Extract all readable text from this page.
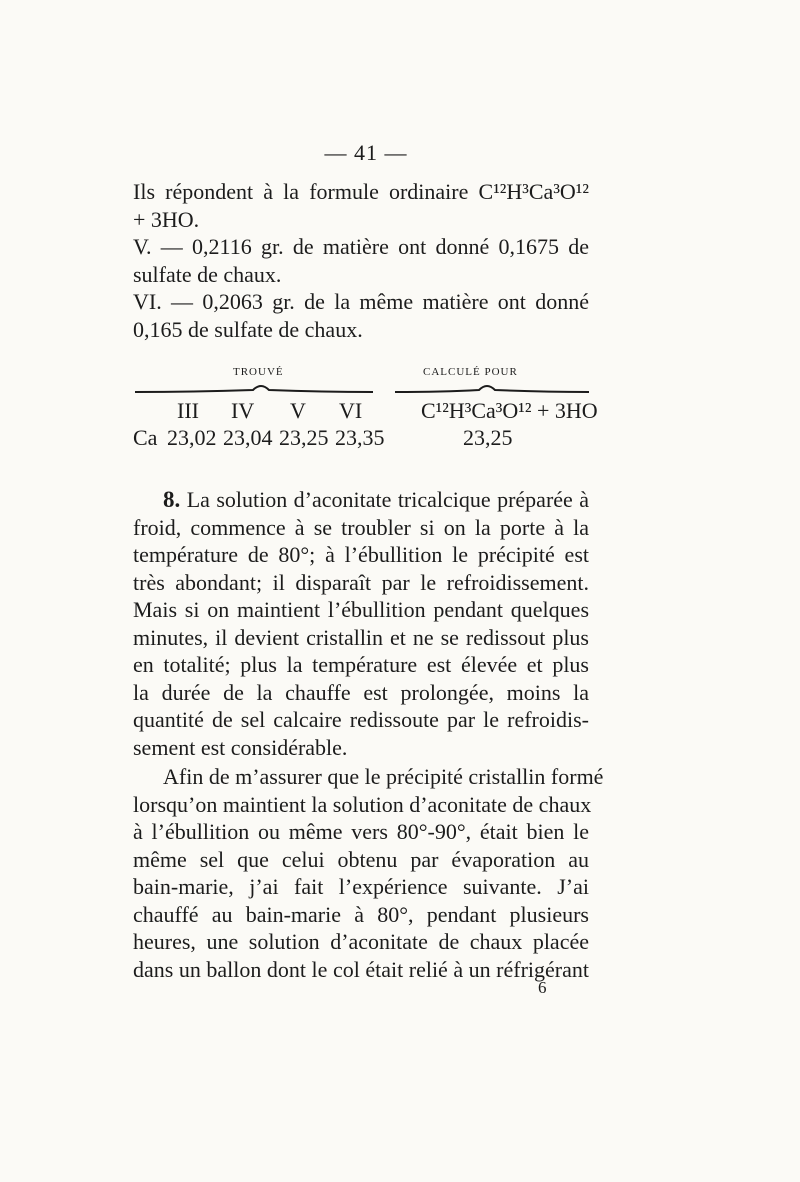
— 41 —
Ils répondent à la formule ordinaire C¹²H³Ca³O¹²
+ 3HO.
V. — 0,2116 gr. de matière ont donné 0,1675 de
sulfate de chaux.
VI. — 0,2063 gr. de la même matière ont donné
0,165 de sulfate de chaux.
TROUVÉ	CALCULÉ POUR
III IV V VI	C¹²H³Ca³O¹² + 3HO
Ca 23,02 23,04 23,25 23,35	23,25
8. La solution d’aconitate tricalcique préparée à
froid, commence à se troubler si on la porte à la
température de 80°; à l’ébullition le précipité est
très abondant; il disparaît par le refroidissement.
Mais si on maintient l’ébullition pendant quelques
minutes, il devient cristallin et ne se redissout plus
en totalité; plus la température est élevée et plus
la durée de la chauffe est prolongée, moins la
quantité de sel calcaire redissoute par le refroidis-
sement est considérable.
Afin de m’assurer que le précipité cristallin formé
lorsqu’on maintient la solution d’aconitate de chaux
à l’ébullition ou même vers 80°-90°, était bien le
même sel que celui obtenu par évaporation au
bain-marie, j’ai fait l’expérience suivante. J’ai
chauffé au bain-marie à 80°, pendant plusieurs
heures, une solution d’aconitate de chaux placée
dans un ballon dont le col était relié à un réfrigérant
6
